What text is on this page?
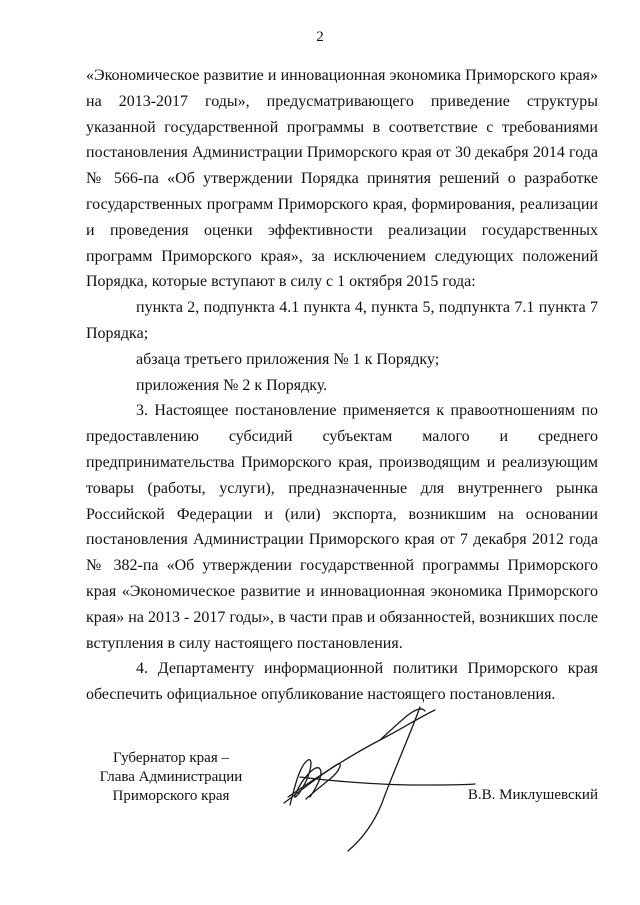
2

«Экономическое развитие и инновационная экономика Приморского края» на 2013-2017 годы», предусматривающего приведение структуры указанной государственной программы в соответствие с требованиями постановления Администрации Приморского края от 30 декабря 2014 года № 566-па «Об утверждении Порядка принятия решений о разработке государственных программ Приморского края, формирования, реализации и проведения оценки эффективности реализации государственных программ Приморского края», за исключением следующих положений Порядка, которые вступают в силу с 1 октября 2015 года:

пункта 2, подпункта 4.1 пункта 4, пункта 5, подпункта 7.1 пункта 7 Порядка;

абзаца третьего приложения № 1 к Порядку;

приложения № 2 к Порядку.

3. Настоящее постановление применяется к правоотношениям по предоставлению субсидий субъектам малого и среднего предпринимательства Приморского края, производящим и реализующим товары (работы, услуги), предназначенные для внутреннего рынка Российской Федерации и (или) экспорта, возникшим на основании постановления Администрации Приморского края от 7 декабря 2012 года № 382-па «Об утверждении государственной программы Приморского края «Экономическое развитие и инновационная экономика Приморского края» на 2013 - 2017 годы», в части прав и обязанностей, возникших после вступления в силу настоящего постановления.

4. Департаменту информационной политики Приморского края обеспечить официальное опубликование настоящего постановления.

Губернатор края –
Глава Администрации
Приморского края	В.В. Миклушевский
